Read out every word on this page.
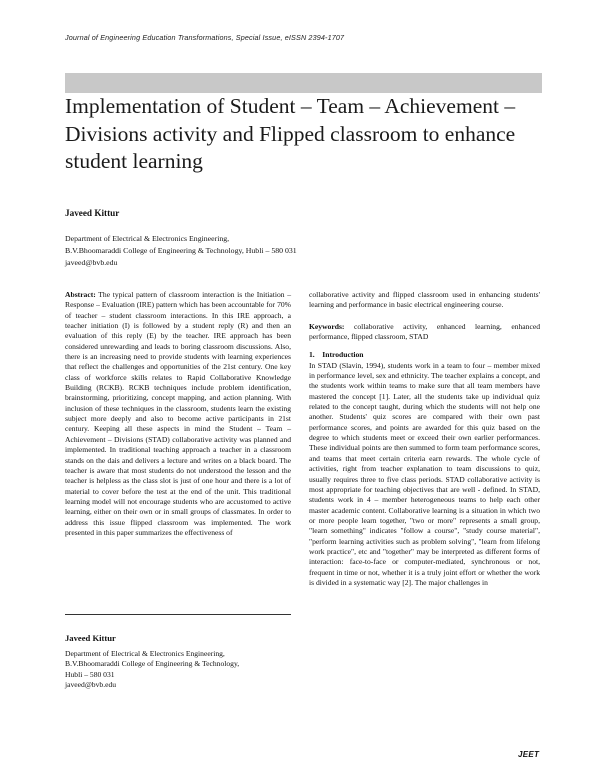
Journal of Engineering Education Transformations, Special Issue, eISSN 2394-1707
Implementation of Student – Team – Achievement – Divisions activity and Flipped classroom to enhance student learning
Javeed Kittur
Department of Electrical & Electronics Engineering,
B.V.Bhoomaraddi College of Engineering & Technology, Hubli – 580 031
javeed@bvb.edu

Abstract: The typical pattern of classroom interaction is the Initiation – Response – Evaluation (IRE) pattern which has been accountable for 70% of teacher – student classroom interactions. In this IRE approach, a teacher initiation (I) is followed by a student reply (R) and then an evaluation of this reply (E) by the teacher. IRE approach has been considered unrewarding and leads to boring classroom discussions. Also, there is an increasing need to provide students with learning experiences that reflect the challenges and opportunities of the 21st century. One key class of workforce skills relates to Rapid Collaborative Knowledge Building (RCKB). RCKB techniques include problem identification, brainstorming, prioritizing, concept mapping, and action planning. With inclusion of these techniques in the classroom, students learn the existing subject more deeply and also to become active participants in 21st century. Keeping all these aspects in mind the Student – Team – Achievement – Divisions (STAD) collaborative activity was planned and implemented. In traditional teaching approach a teacher in a classroom stands on the dais and delivers a lecture and writes on a black board. The teacher is aware that most students do not understood the lesson and the teacher is helpless as the class slot is just of one hour and there is a lot of material to cover before the test at the end of the unit. This traditional learning model will not encourage students who are accustomed to active learning, either on their own or in small groups of classmates. In order to address this issue flipped classroom was implemented. The work presented in this paper summarizes the effectiveness of

collaborative activity and flipped classroom used in enhancing students' learning and performance in basic electrical engineering course.

Keywords: collaborative activity, enhanced learning, enhanced performance, flipped classroom, STAD

1.    Introduction

In STAD (Slavin, 1994), students work in a team to four – member mixed in performance level, sex and ethnicity. The teacher explains a concept, and the students work within teams to make sure that all team members have mastered the concept [1]. Later, all the students take up individual quiz related to the concept taught, during which the students will not help one another. Students' quiz scores are compared with their own past performance scores, and points are awarded for this quiz based on the degree to which students meet or exceed their own earlier performances. These individual points are then summed to form team performance scores, and teams that meet certain criteria earn rewards. The whole cycle of activities, right from teacher explanation to team discussions to quiz, usually requires three to five class periods. STAD collaborative activity is most appropriate for teaching objectives that are well - defined. In STAD, students work in 4 – member heterogeneous teams to help each other master academic content. Collaborative learning is a situation in which two or more people learn together, "two or more" represents a small group, "learn something" indicates "follow a course", "study course material", "perform learning activities such as problem solving", "learn from lifelong work practice", etc and "together" may be interpreted as different forms of interaction: face-to-face or computer-mediated, synchronous or not, frequent in time or not, whether it is a truly joint effort or whether the work is divided in a systematic way [2]. The major challenges in

Javeed Kittur
Department of Electrical & Electronics Engineering,
B.V.Bhoomaraddi College of Engineering & Technology,
Hubli – 580 031
javeed@bvb.edu
JEET
